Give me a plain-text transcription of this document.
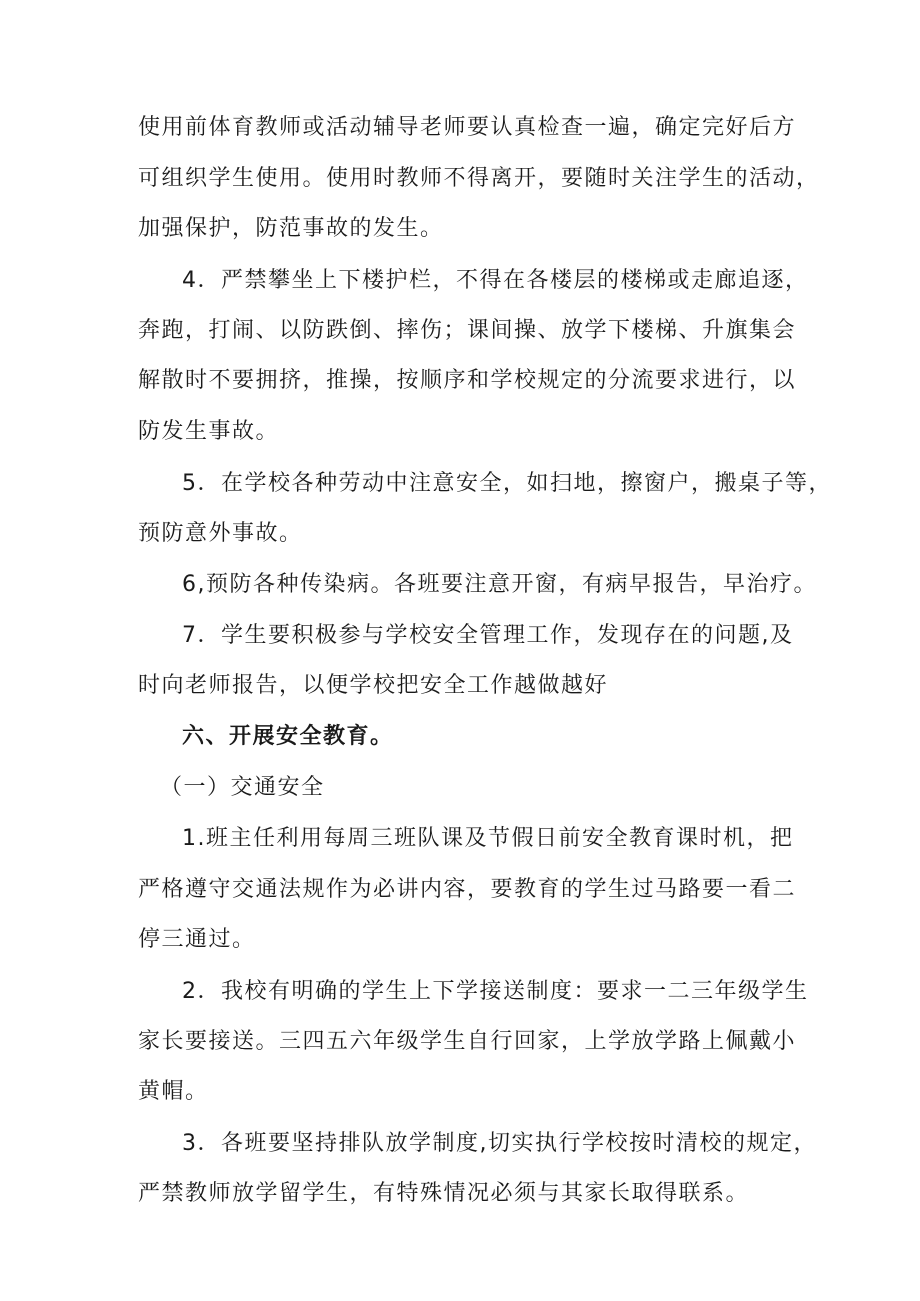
使用前体育教师或活动辅导老师要认真检查一遍，确定完好后方
可组织学生使用。使用时教师不得离开，要随时关注学生的活动，
加强保护，防范事故的发生。
4．严禁攀坐上下楼护栏，不得在各楼层的楼梯或走廊追逐，
奔跑，打闹、以防跌倒、摔伤；课间操、放学下楼梯、升旗集会
解散时不要拥挤，推操，按顺序和学校规定的分流要求进行，以
防发生事故。
5．在学校各种劳动中注意安全，如扫地，擦窗户，搬桌子等，
预防意外事故。
6,预防各种传染病。各班要注意开窗，有病早报告，早治疗。
7．学生要积极参与学校安全管理工作，发现存在的问题,及
时向老师报告，以便学校把安全工作越做越好
六、开展安全教育。
（一）交通安全
1.班主任利用每周三班队课及节假日前安全教育课时机，把
严格遵守交通法规作为必讲内容，要教育的学生过马路要一看二
停三通过。
2．我校有明确的学生上下学接送制度：要求一二三年级学生
家长要接送。三四五六年级学生自行回家，上学放学路上佩戴小
黄帽。
3．各班要坚持排队放学制度,切实执行学校按时清校的规定，
严禁教师放学留学生，有特殊情况必须与其家长取得联系。
